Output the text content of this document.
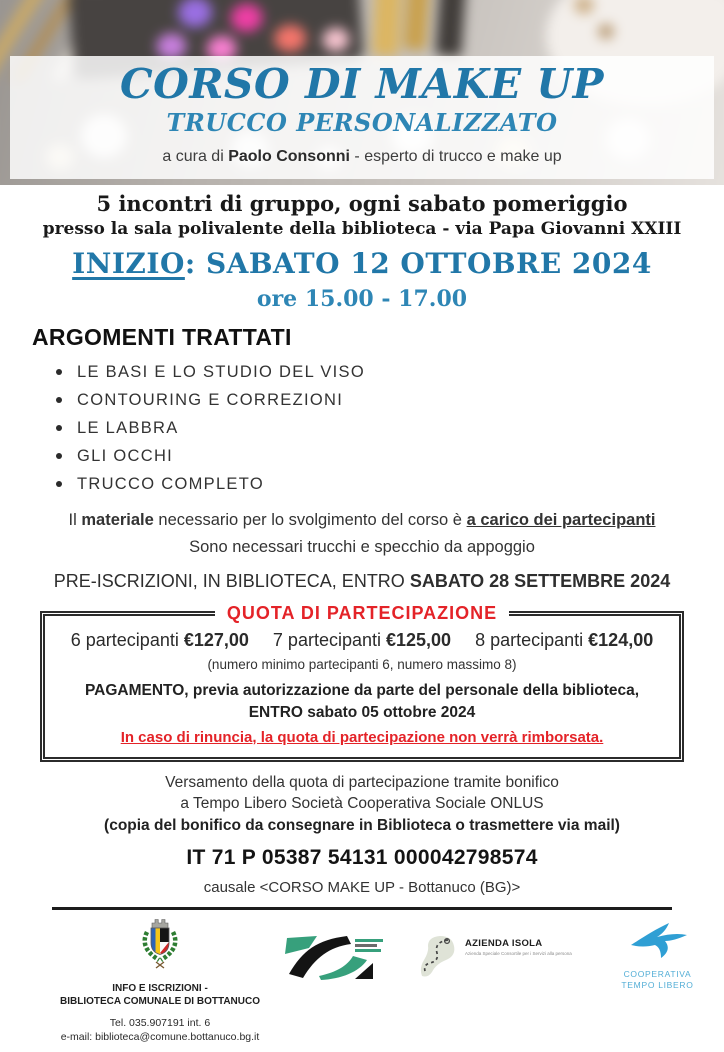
CORSO DI MAKE UP
TRUCCO PERSONALIZZATO
a cura di Paolo Consonni - esperto di trucco e make up
5 incontri di gruppo, ogni sabato pomeriggio
presso la sala polivalente della biblioteca - via Papa Giovanni XXIII
INIZIO: SABATO 12 OTTOBRE 2024
ore 15.00 - 17.00
ARGOMENTI TRATTATI
LE BASI E LO STUDIO DEL VISO
CONTOURING E CORREZIONI
LE LABBRA
GLI OCCHI
TRUCCO COMPLETO
Il materiale necessario per lo svolgimento del corso è a carico dei partecipanti
Sono necessari trucchi e specchio da appoggio
PRE-ISCRIZIONI, IN BIBLIOTECA, ENTRO SABATO 28 SETTEMBRE 2024
QUOTA DI PARTECIPAZIONE
6 partecipanti €127,00 7 partecipanti €125,00 8 partecipanti €124,00
(numero minimo partecipanti 6, numero massimo 8)
PAGAMENTO, previa autorizzazione da parte del personale della biblioteca,
ENTRO sabato 05 ottobre 2024
In caso di rinuncia, la quota di partecipazione non verrà rimborsata.
Versamento della quota di partecipazione tramite bonifico
a Tempo Libero Società Cooperativa Sociale ONLUS
(copia del bonifico da consegnare in Biblioteca o trasmettere via mail)
IT 71 P 05387 54131 000042798574
causale <CORSO MAKE UP - Bottanuco (BG)>
INFO E ISCRIZIONI -
BIBLIOTECA COMUNALE DI BOTTANUCO
Tel. 035.907191 int. 6
e-mail: biblioteca@comune.bottanuco.bg.it
AZIENDA ISOLA
Azienda Speciale Consortile per i Servizi alla persona
COOPERATIVA
TEMPO LIBERO
